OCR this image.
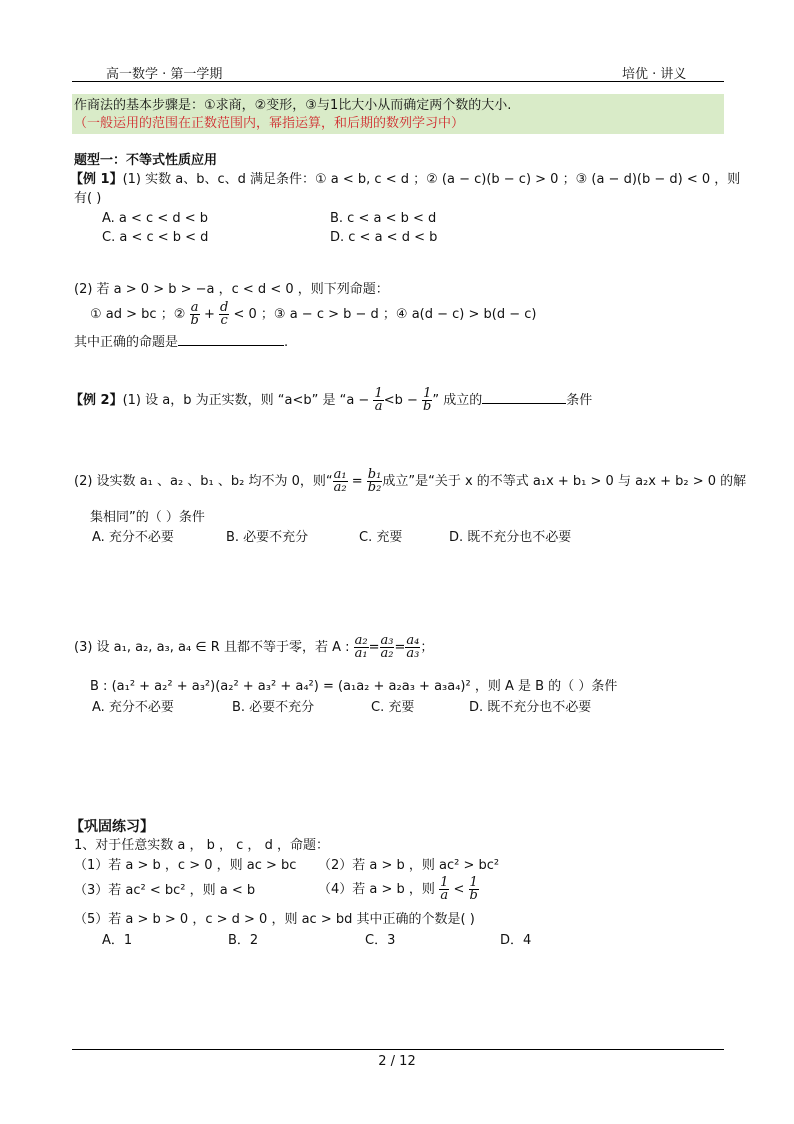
高一数学 · 第一学期	培优 · 讲义
作商法的基本步骤是：①求商，②变形，③与1比大小从而确定两个数的大小.
（一般运用的范围在正数范围内，幂指运算，和后期的数列学习中）
题型一：不等式性质应用
【例 1】(1) 实数 a、b、c、d 满足条件：① a < b, c < d ；② (a − c)(b − c) > 0 ；③ (a − d)(b − d) < 0 ，则
有( )
A. a < c < d < b	B. c < a < b < d
C. a < c < b < d	D. c < a < d < b
(2) 若 a > 0 > b > −a ，c < d < 0 ，则下列命题：
① ad > bc ；② $\frac{a}{b} + \frac{d}{c} < 0$ ；③ a − c > b − d ；④ a(d − c) > b(d − c)
其中正确的命题是	.
【例 2】(1) 设 a，b 为正实数，则 “a<b” 是 “$a - \frac{1}{a} <b - \frac{1}{b}$ ” 成立的	条件
(2) 设实数 a₁ 、a₂ 、b₁ 、b₂ 均不为 0，则“ $\frac{\text{a₁}}{\text{a₂}} = \frac{\text{b₁}}{\text{b₂}}$ 成立”是“关于 x 的不等式 a₁x + b₁ > 0 与 a₂x + b₂ > 0 的解
集相同”的（ ）条件
A. 充分不必要	B. 必要不充分	C. 充要	D. 既不充分也不必要
(3) 设 a₁, a₂, a₃, a₄ ∈ R 且都不等于零，若 A : $\frac{\text{a₂}}{\text{a₁}} = \frac{\text{a₃}}{\text{a₂}} = \frac{\text{a₄}}{\text{a₃}}$ ；
B : (a₁² + a₂² + a₃²)(a₂² + a₃² + a₄²) = (a₁a₂ + a₂a₃ + a₃a₄)² ，则 A 是 B 的（ ）条件
A. 充分不必要	B. 必要不充分	C. 充要	D. 既不充分也不必要
【巩固练习】
1、对于任意实数 a ， b ， c ， d ，命题：
（1）若 a > b ，c > 0 ，则 ac > bc （2）若 a > b ，则 ac² > bc²
（3）若 ac² < bc² ，则 a < b	（4）若 a > b ，则 $\frac{1}{a} < \frac{1}{b}$
（5）若 a > b > 0 ，c > d > 0 ，则 ac > bd 其中正确的个数是( )
A．1	B．2	C．3	D．4
2 / 12
